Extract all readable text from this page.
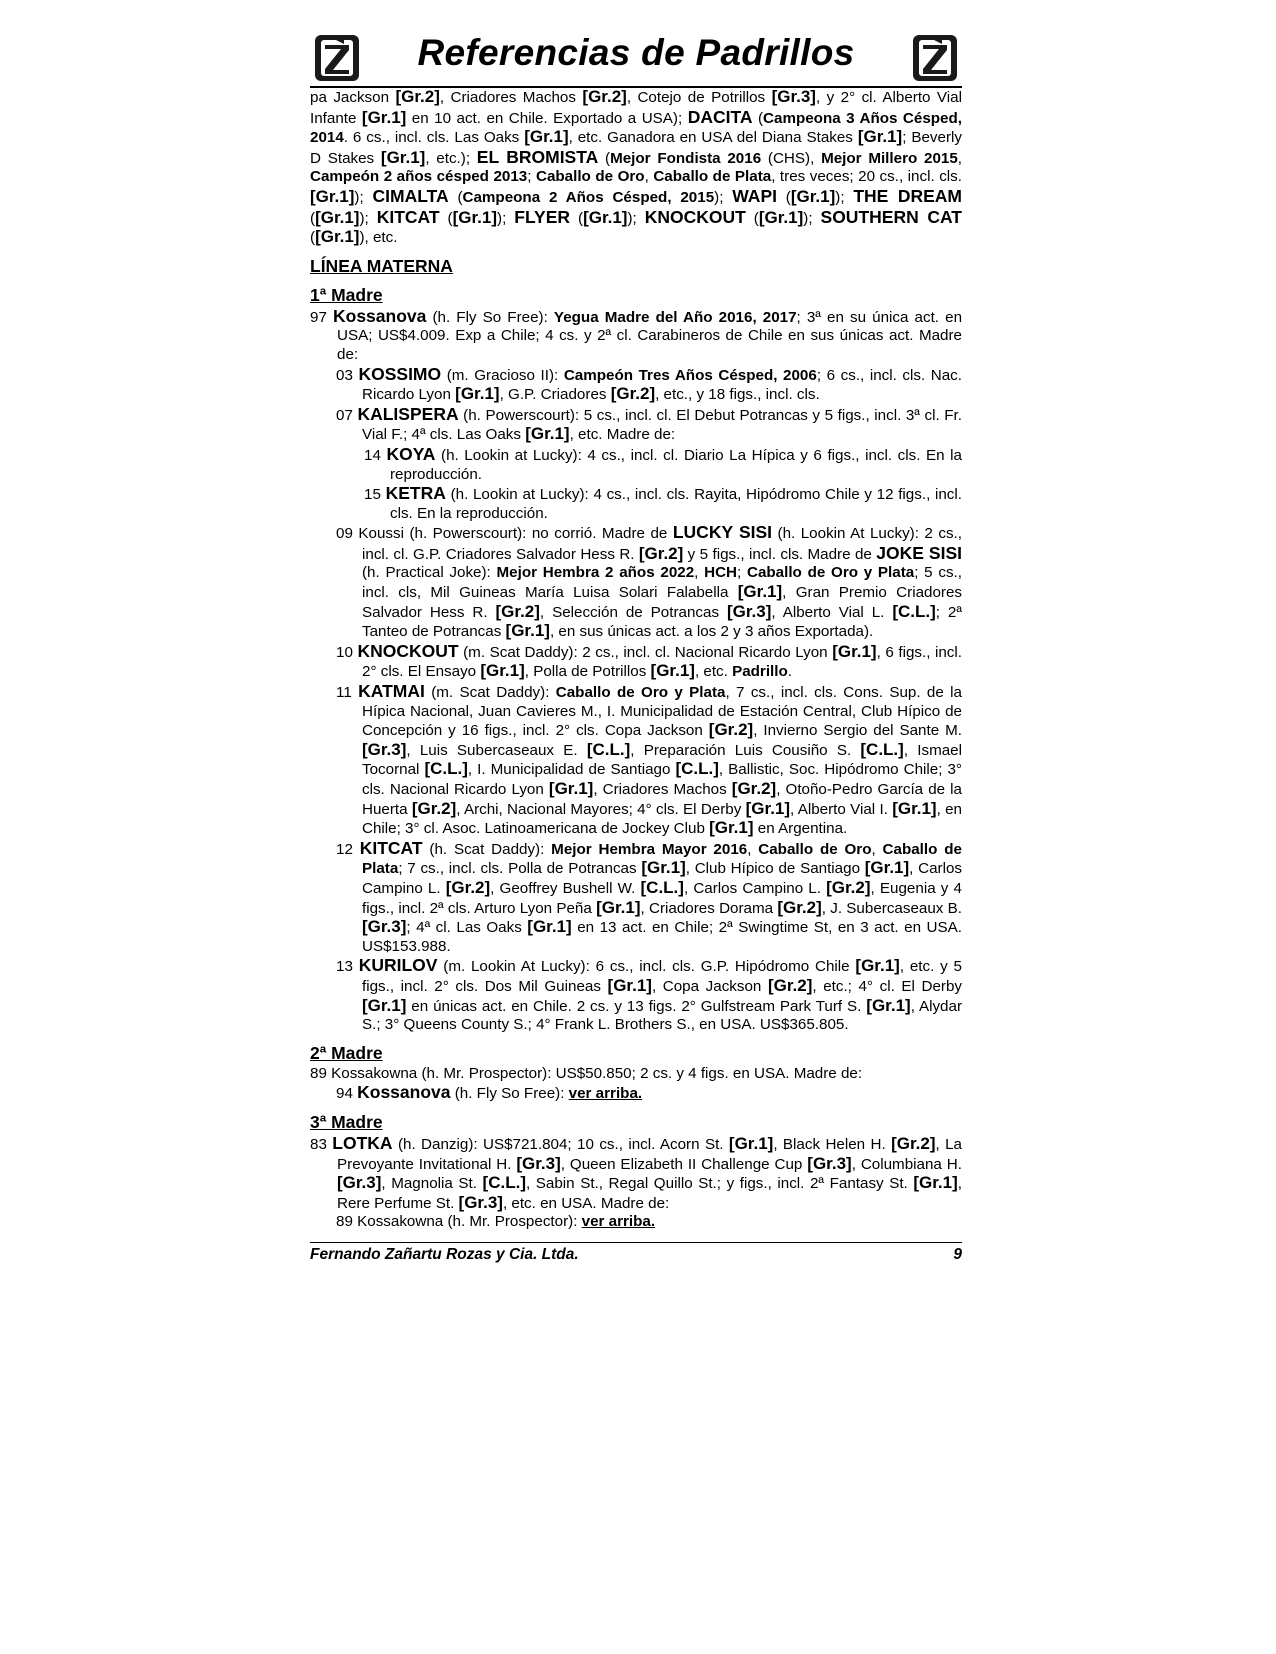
Referencias de Padrillos

pa Jackson [Gr.2], Criadores Machos [Gr.2], Cotejo de Potrillos [Gr.3], y 2° cl. Alberto Vial Infante [Gr.1] en 10 act. en Chile. Exportado a USA); DACITA (Campeona 3 Años Césped, 2014. 6 cs., incl. cls. Las Oaks [Gr.1], etc. Ganadora en USA del Diana Stakes [Gr.1]; Beverly D Stakes [Gr.1], etc.); EL BROMISTA (Mejor Fondista 2016 (CHS), Mejor Millero 2015, Campeón 2 años césped 2013; Caballo de Oro, Caballo de Plata, tres veces; 20 cs., incl. cls. [Gr.1]); CIMALTA (Campeona 2 Años Césped, 2015); WAPI ([Gr.1]); THE DREAM ([Gr.1]); KITCAT ([Gr.1]); FLYER ([Gr.1]); KNOCKOUT ([Gr.1]); SOUTHERN CAT ([Gr.1]), etc.

LÍNEA MATERNA
1ª Madre

97 Kossanova (h. Fly So Free): Yegua Madre del Año 2016, 2017; 3ª en su única act. en USA; US$4.009. Exp a Chile; 4 cs. y 2ª cl. Carabineros de Chile en sus únicas act. Madre de:

03 KOSSIMO (m. Gracioso II): Campeón Tres Años Césped, 2006; 6 cs., incl. cls. Nac. Ricardo Lyon [Gr.1], G.P. Criadores [Gr.2], etc., y 18 figs., incl. cls.

07 KALISPERA (h. Powerscourt): 5 cs., incl. cl. El Debut Potrancas y 5 figs., incl. 3ª cl. Fr. Vial F.; 4ª cls. Las Oaks [Gr.1], etc. Madre de:

14 KOYA (h. Lookin at Lucky): 4 cs., incl. cl. Diario La Hípica y 6 figs., incl. cls. En la reproducción.

15 KETRA (h. Lookin at Lucky): 4 cs., incl. cls. Rayita, Hipódromo Chile y 12 figs., incl. cls. En la reproducción.

09 Koussi (h. Powerscourt): no corrió. Madre de LUCKY SISI (h. Lookin At Lucky): 2 cs., incl. cl. G.P. Criadores Salvador Hess R. [Gr.2] y 5 figs., incl. cls. Madre de JOKE SISI (h. Practical Joke): Mejor Hembra 2 años 2022, HCH; Caballo de Oro y Plata; 5 cs., incl. cls, Mil Guineas María Luisa Solari Falabella [Gr.1], Gran Premio Criadores Salvador Hess R. [Gr.2], Selección de Potrancas [Gr.3], Alberto Vial L. [C.L.]; 2ª Tanteo de Potrancas [Gr.1], en sus únicas act. a los 2 y 3 años Exportada).

10 KNOCKOUT (m. Scat Daddy): 2 cs., incl. cl. Nacional Ricardo Lyon [Gr.1], 6 figs., incl. 2° cls. El Ensayo [Gr.1], Polla de Potrillos [Gr.1], etc. Padrillo.

11 KATMAI (m. Scat Daddy): Caballo de Oro y Plata, 7 cs., incl. cls. Cons. Sup. de la Hípica Nacional, Juan Cavieres M., I. Municipalidad de Estación Central, Club Hípico de Concepción y 16 figs., incl. 2° cls. Copa Jackson [Gr.2], Invierno Sergio del Sante M. [Gr.3], Luis Subercaseaux E. [C.L.], Preparación Luis Cousiño S. [C.L.], Ismael Tocornal [C.L.], I. Municipalidad de Santiago [C.L.], Ballistic, Soc. Hipódromo Chile; 3° cls. Nacional Ricardo Lyon [Gr.1], Criadores Machos [Gr.2], Otoño-Pedro García de la Huerta [Gr.2], Archi, Nacional Mayores; 4° cls. El Derby [Gr.1], Alberto Vial I. [Gr.1], en Chile; 3° cl. Asoc. Latinoamericana de Jockey Club [Gr.1] en Argentina.

12 KITCAT (h. Scat Daddy): Mejor Hembra Mayor 2016, Caballo de Oro, Caballo de Plata; 7 cs., incl. cls. Polla de Potrancas [Gr.1], Club Hípico de Santiago [Gr.1], Carlos Campino L. [Gr.2], Geoffrey Bushell W. [C.L.], Carlos Campino L. [Gr.2], Eugenia y 4 figs., incl. 2ª cls. Arturo Lyon Peña [Gr.1], Criadores Dorama [Gr.2], J. Subercaseaux B. [Gr.3]; 4ª cl. Las Oaks [Gr.1] en 13 act. en Chile; 2ª Swingtime St, en 3 act. en USA. US$153.988.

13 KURILOV (m. Lookin At Lucky): 6 cs., incl. cls. G.P. Hipódromo Chile [Gr.1], etc. y 5 figs., incl. 2° cls. Dos Mil Guineas [Gr.1], Copa Jackson [Gr.2], etc.; 4° cl. El Derby [Gr.1] en únicas act. en Chile. 2 cs. y 13 figs. 2° Gulfstream Park Turf S. [Gr.1], Alydar S.; 3° Queens County S.; 4° Frank L. Brothers S., en USA. US$365.805.

2ª Madre

89 Kossakowna (h. Mr. Prospector): US$50.850; 2 cs. y 4 figs. en USA. Madre de:

94 Kossanova (h. Fly So Free): ver arriba.

3ª Madre

83 LOTKA (h. Danzig): US$721.804; 10 cs., incl. Acorn St. [Gr.1], Black Helen H. [Gr.2], La Prevoyante Invitational H. [Gr.3], Queen Elizabeth II Challenge Cup [Gr.3], Columbiana H. [Gr.3], Magnolia St. [C.L.], Sabin St., Regal Quillo St.; y figs., incl. 2ª Fantasy St. [Gr.1], Rere Perfume St. [Gr.3], etc. en USA. Madre de:

89 Kossakowna (h. Mr. Prospector): ver arriba.

Fernando Zañartu Rozas y Cia. Ltda.	9
